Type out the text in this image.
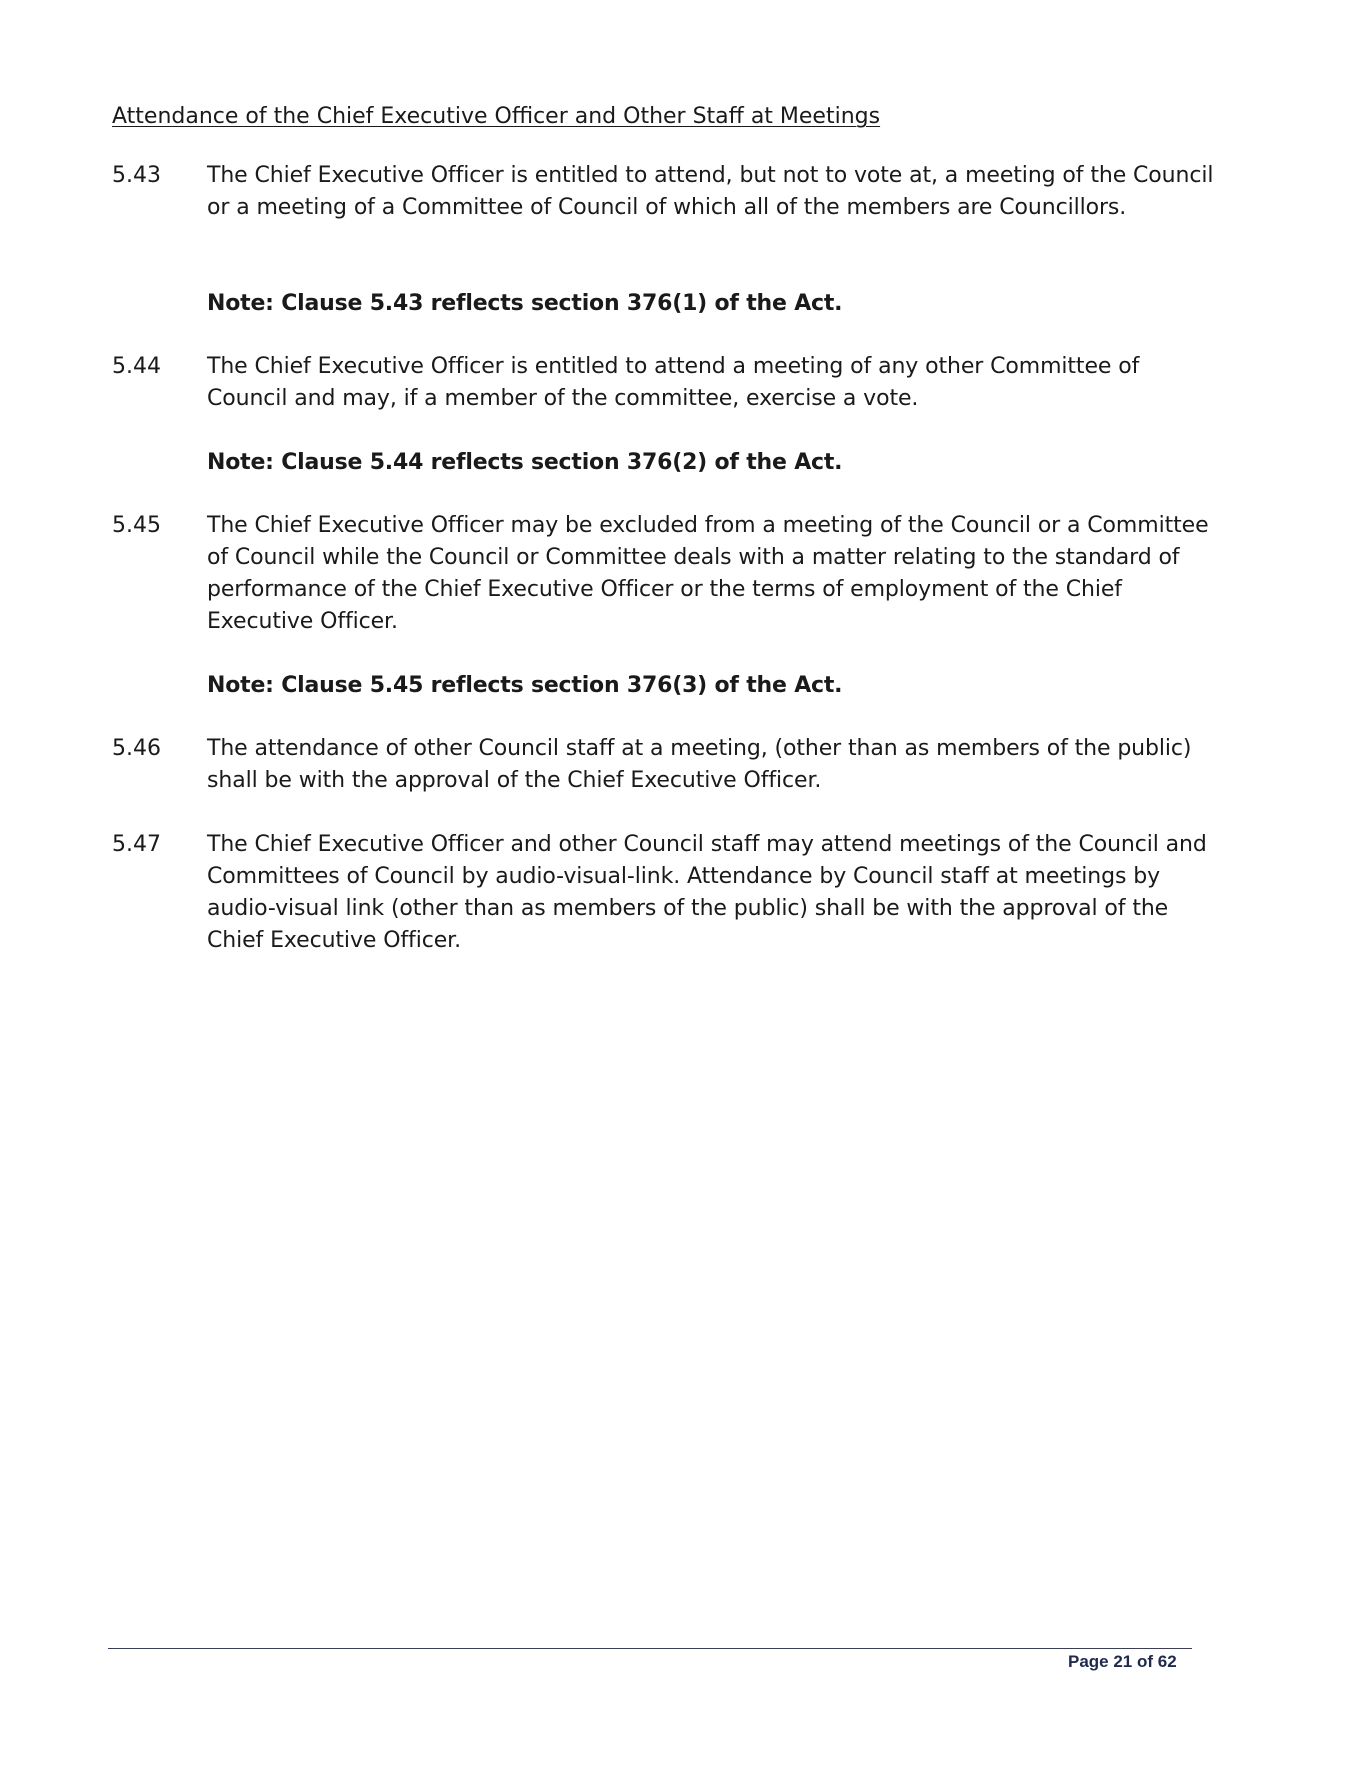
Attendance of the Chief Executive Officer and Other Staff at Meetings
5.43	The Chief Executive Officer is entitled to attend, but not to vote at, a meeting of the Council or a meeting of a Committee of Council of which all of the members are Councillors.
Note: Clause 5.43 reflects section 376(1) of the Act.
5.44	The Chief Executive Officer is entitled to attend a meeting of any other Committee of Council and may, if a member of the committee, exercise a vote.
Note: Clause 5.44 reflects section 376(2) of the Act.
5.45	The Chief Executive Officer may be excluded from a meeting of the Council or a Committee of Council while the Council or Committee deals with a matter relating to the standard of performance of the Chief Executive Officer or the terms of employment of the Chief Executive Officer.
Note: Clause 5.45 reflects section 376(3) of the Act.
5.46	The attendance of other Council staff at a meeting, (other than as members of the public) shall be with the approval of the Chief Executive Officer.
5.47	The Chief Executive Officer and other Council staff may attend meetings of the Council and Committees of Council by audio-visual-link. Attendance by Council staff at meetings by audio-visual link (other than as members of the public) shall be with the approval of the Chief Executive Officer.
Page 21 of 62
